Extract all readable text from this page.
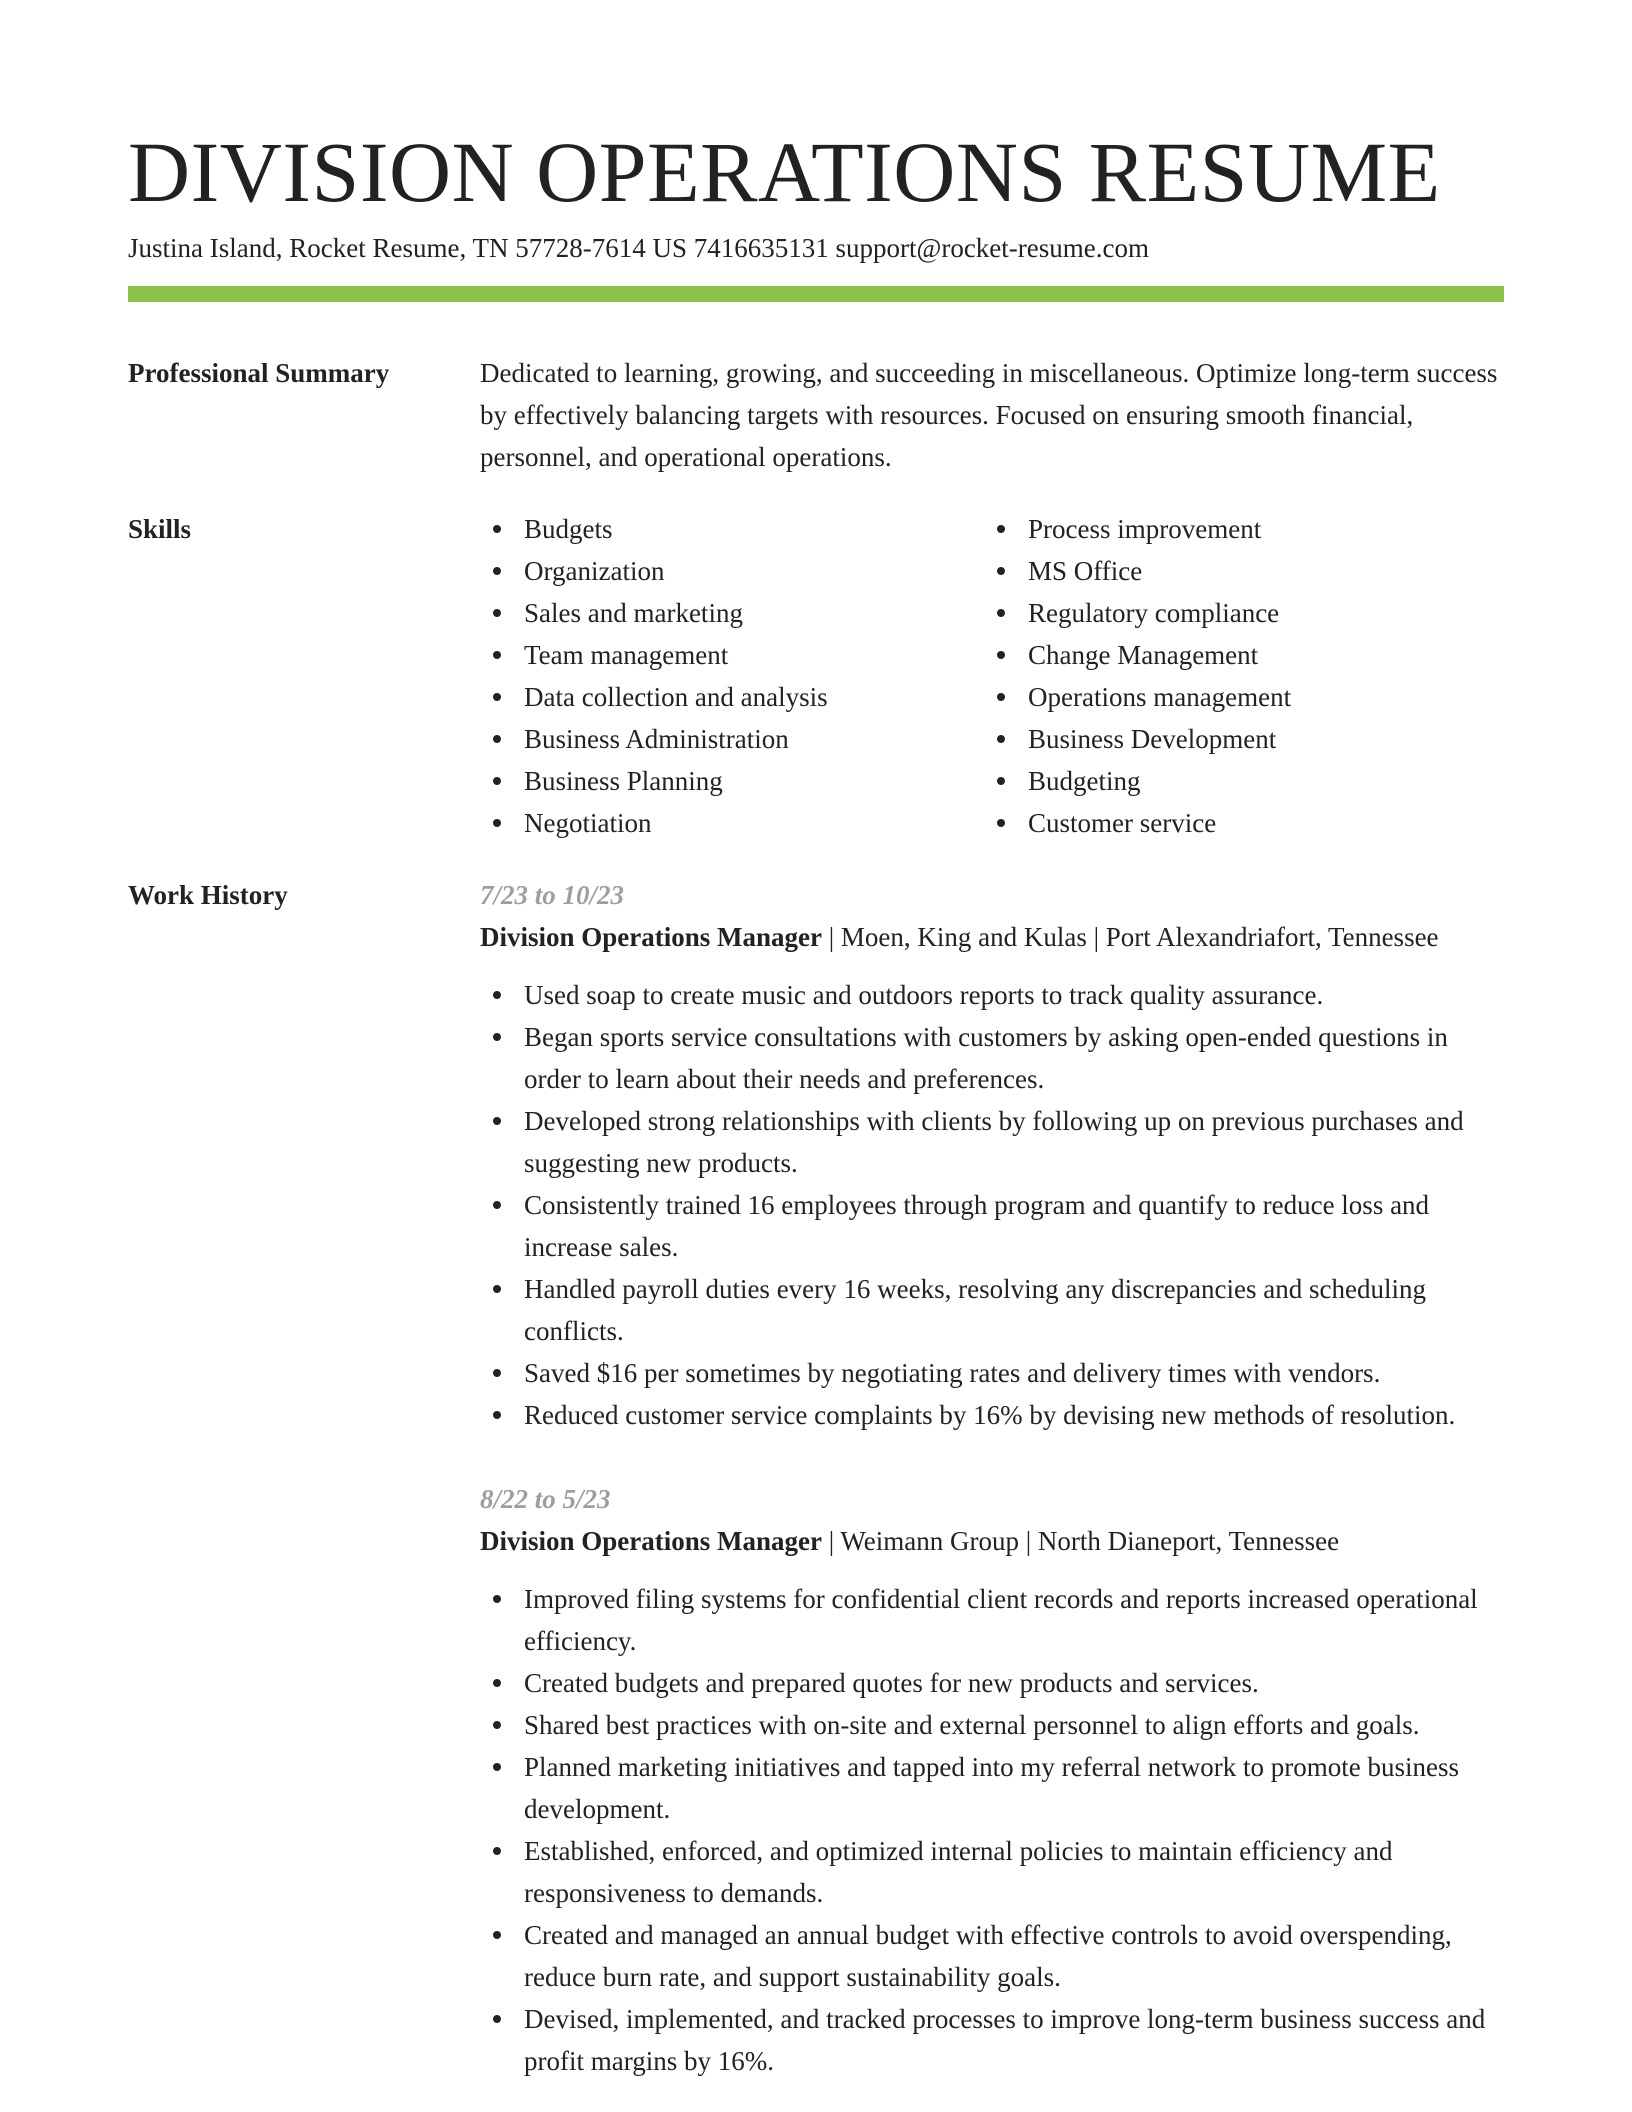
DIVISION OPERATIONS RESUME
Justina Island, Rocket Resume, TN 57728-7614 US 7416635131 support@rocket-resume.com
Professional Summary	Dedicated to learning, growing, and succeeding in miscellaneous. Optimize long-term success by effectively balancing targets with resources. Focused on ensuring smooth financial, personnel, and operational operations.
Skills	Budgets
Organization
Sales and marketing
Team management
Data collection and analysis
Business Administration
Business Planning
Negotiation
Process improvement
MS Office
Regulatory compliance
Change Management
Operations management
Business Development
Budgeting
Customer service
Work History	7/23 to 10/23
Division Operations Manager | Moen, King and Kulas | Port Alexandriafort, Tennessee
Used soap to create music and outdoors reports to track quality assurance.
Began sports service consultations with customers by asking open-ended questions in order to learn about their needs and preferences.
Developed strong relationships with clients by following up on previous purchases and suggesting new products.
Consistently trained 16 employees through program and quantify to reduce loss and increase sales.
Handled payroll duties every 16 weeks, resolving any discrepancies and scheduling conflicts.
Saved $16 per sometimes by negotiating rates and delivery times with vendors.
Reduced customer service complaints by 16% by devising new methods of resolution.
8/22 to 5/23
Division Operations Manager | Weimann Group | North Dianeport, Tennessee
Improved filing systems for confidential client records and reports increased operational efficiency.
Created budgets and prepared quotes for new products and services.
Shared best practices with on-site and external personnel to align efforts and goals.
Planned marketing initiatives and tapped into my referral network to promote business development.
Established, enforced, and optimized internal policies to maintain efficiency and responsiveness to demands.
Created and managed an annual budget with effective controls to avoid overspending, reduce burn rate, and support sustainability goals.
Devised, implemented, and tracked processes to improve long-term business success and profit margins by 16%.
